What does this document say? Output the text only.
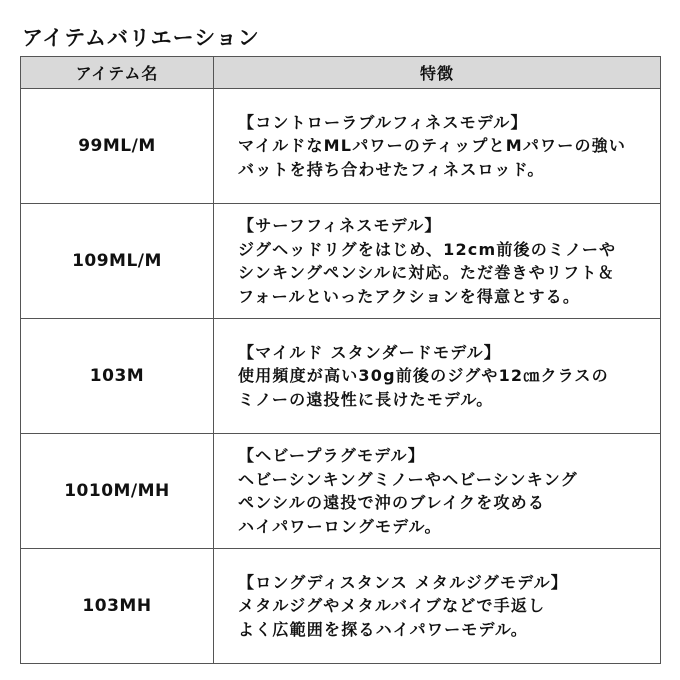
アイテムバリエーション
アイテム名	特徴
99ML/M	【コントローラブルフィネスモデル】
マイルドなMLパワーのティップとMパワーの強い
バットを持ち合わせたフィネスロッド。

109ML/M	【サーフフィネスモデル】
ジグヘッドリグをはじめ、12cm前後のミノーや
シンキングペンシルに対応。ただ巻きやリフト＆
フォールといったアクションを得意とする。

103M	【マイルド スタンダードモデル】
使用頻度が高い30g前後のジグや12㎝クラスの
ミノーの遠投性に長けたモデル。

1010M/MH	【ヘビープラグモデル】
ヘビーシンキングミノーやヘビーシンキング
ペンシルの遠投で沖のブレイクを攻める
ハイパワーロングモデル。

103MH	【ロングディスタンス メタルジグモデル】
メタルジグやメタルバイブなどで手返し
よく広範囲を探るハイパワーモデル。
